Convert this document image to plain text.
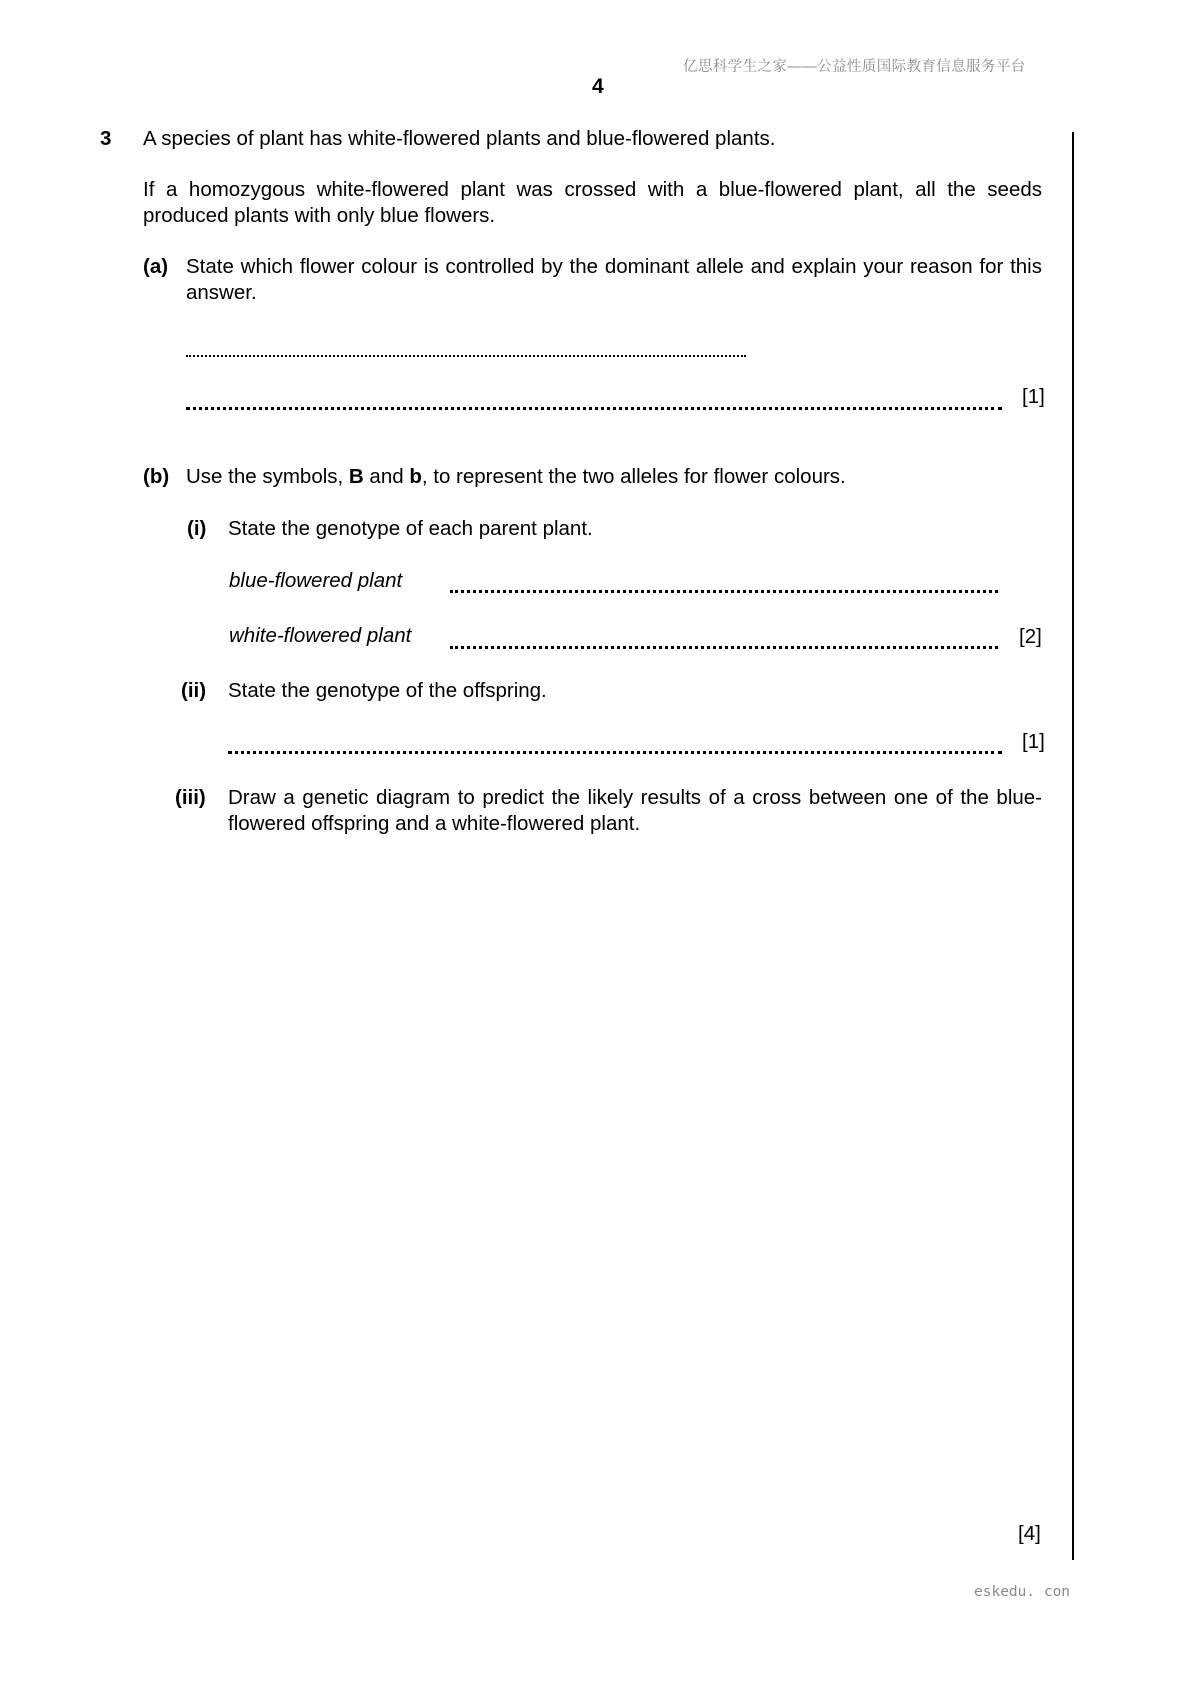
亿思科学生之家——公益性质国际教育信息服务平台
4
3 A species of plant has white-flowered plants and blue-flowered plants.
If a homozygous white-flowered plant was crossed with a blue-flowered plant, all the seeds produced plants with only blue flowers.
(a) State which flower colour is controlled by the dominant allele and explain your reason for this answer.
[1]
(b) Use the symbols, B and b, to represent the two alleles for flower colours.
(i) State the genotype of each parent plant.
blue-flowered plant
white-flowered plant	[2]
(ii) State the genotype of the offspring.
[1]
(iii) Draw a genetic diagram to predict the likely results of a cross between one of the blue-flowered offspring and a white-flowered plant.
[4]
eskedu. con
